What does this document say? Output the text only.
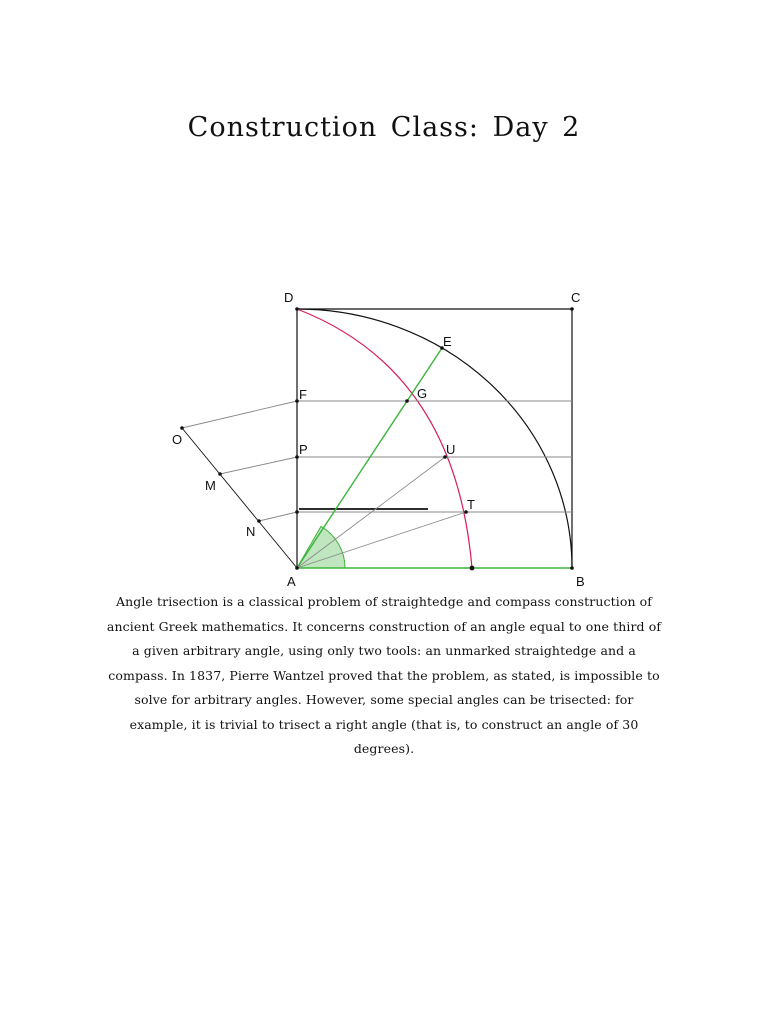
Construction Class: Day 2
D	C
E
F	G
O
P	U
M
T
N
A	B

Angle trisection is a classical problem of straightedge and compass construction of ancient Greek mathematics. It concerns construction of an angle equal to one third of a given arbitrary angle, using only two tools: an unmarked straightedge and a compass. In 1837, Pierre Wantzel proved that the problem, as stated, is impossible to solve for arbitrary angles. However, some special angles can be trisected: for example, it is trivial to trisect a right angle (that is, to construct an angle of 30 degrees).
